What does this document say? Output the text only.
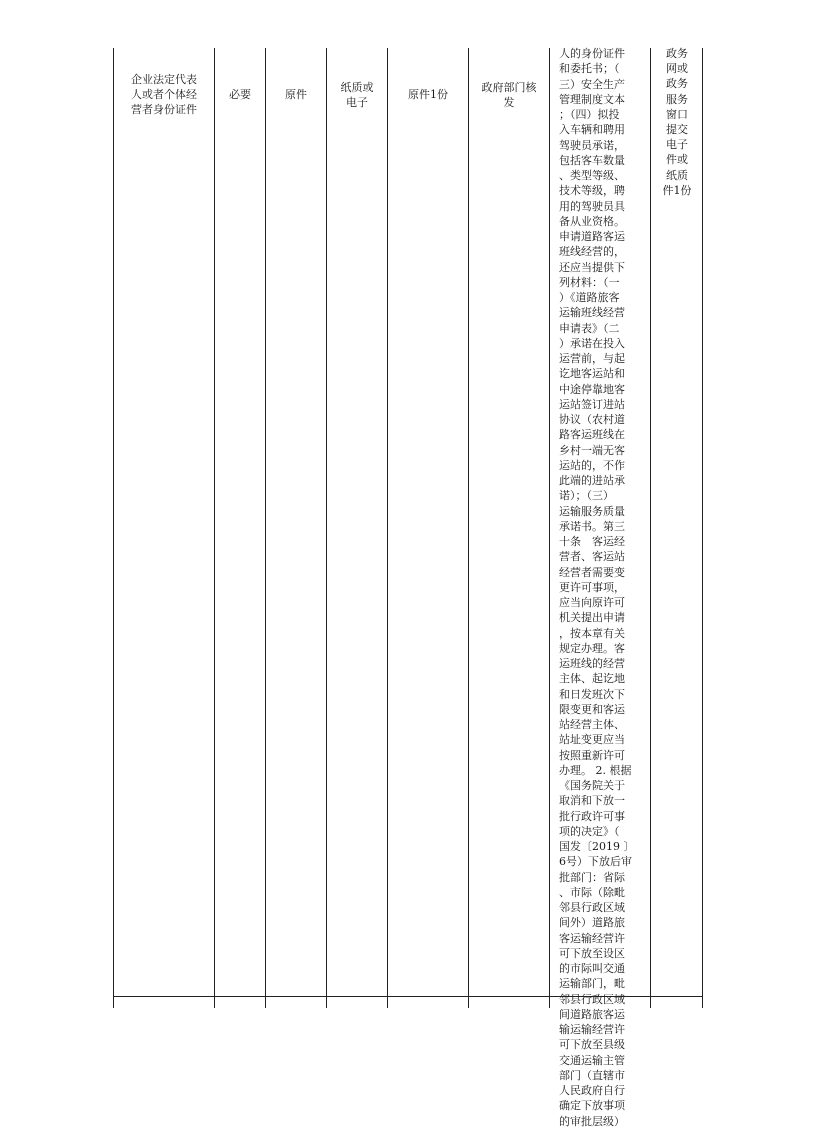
企业法定代表
人或者个体经
营者身份证件
必要	原件
纸质或
电子
原件1份
政府部门核
发
人的身份证件
和委托书；（
三）安全生产
管理制度文本
；（四）拟投
入车辆和聘用
驾驶员承诺，
包括客车数量
、类型等级、
技术等级，聘
用的驾驶员具
备从业资格。
申请道路客运
班线经营的，
还应当提供下
列材料：（一
）《道路旅客
运输班线经营
申请表》（二
）承诺在投入
运营前，与起
讫地客运站和
中途停靠地客
运站签订进站
协议（农村道
路客运班线在
乡村一端无客
运站的，不作
此端的进站承
诺）；（三）
运输服务质量
承诺书。第三
十条　客运经
营者、客运站
经营者需要变
更许可事项，
应当向原许可
机关提出申请
，按本章有关
规定办理。客
运班线的经营
主体、起讫地
和日发班次下
限变更和客运
站经营主体、
站址变更应当
按照重新许可
办理。 2. 根据
《国务院关于
取消和下放一
批行政许可事
项的决定》（
国发〔2019 〕
6号）下放后审
批部门：省际
、市际（除毗
邻县行政区域
间外）道路旅
客运输经营许
可下放至设区
的市际叫交通
运输部门，毗
邻县行政区域
间道路旅客运
输运输经营许
可下放至县级
交通运输主管
部门（直辖市
人民政府自行
确定下放事项
的审批层级）
政务
网或
政务
服务
窗口
提交
电子
件或
纸质
件1份
